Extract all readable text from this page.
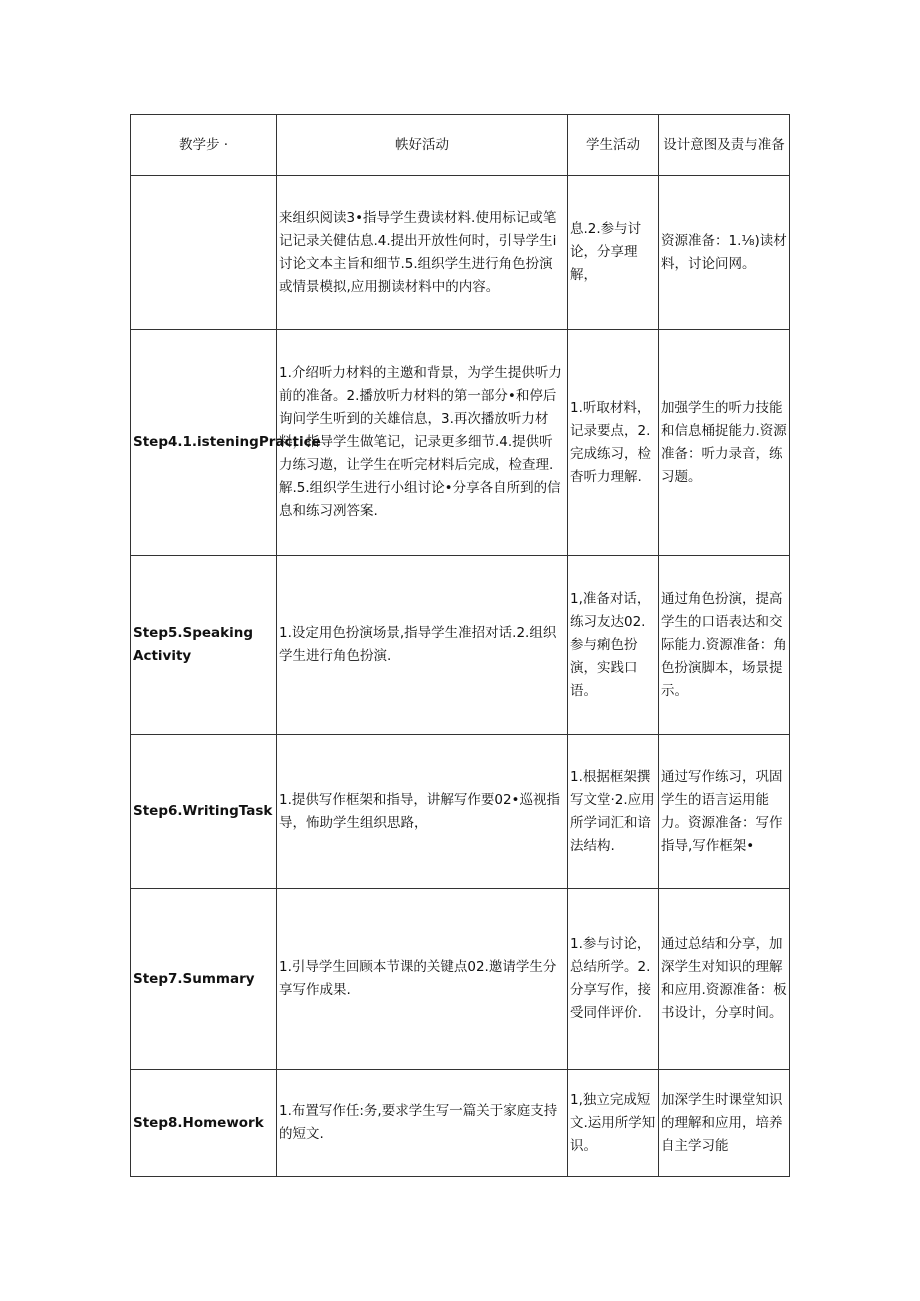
教学步 ·	帙好活动	学生活动	设计意图及责与准备
	来组织阅读3•指导学生费读材料.使用标记或笔记记录关健估息.4.提出开放性何时，引导学生i讨论文本主旨和细节.5.组织学生进行角色扮演或情景模拟,应用捌读材料中的内容。	息.2.参与讨论，分享理解，	资源准备：1.⅛)读材料，讨论问网。
Step4.1.isteningPractice	1.介绍听力材料的主邀和背景，为学生提供听力前的准备。2.播放听力材料的第一部分•和停后询问学生听到的关雄信息，3.再次播放听力材料，指导学生做笔记，记录更多细节.4.提供听力练习遨，让学生在听完材料后完成，检查理.解.5.组织学生进行小组讨论•分享各自所到的信息和练习冽答案.	1.听取材料，记录要点，2.完成练习，检杳听力理解.	加强学生的听力技能和信息桶捉能力.资源准备：听力录音，练习题。
Step5.Speaking Activity	1.设定用色扮演场景,指导学生准招对话.2.组织学生进行角色扮演.	1,准备对话，练习友达02.参与痢色扮演，实践口语。	通过角色扮演，提高学生的口语表达和交际能力.资源准备：角色扮演脚本，场景提示。
Step6.WritingTask	1.提供写作框架和指导，讲解写作要02•巡视指导，怖助学生组织思路，	1.根据框架撰写文堂·2.应用所学词汇和谙法结构.	通过写作练习，巩固学生的语言运用能力。资源准备：写作指导,写作框架•
Step7.Summary	1.引导学生回顾本节课的关键点02.邀请学生分享写作成果.	1.参与讨论，总结所学。2.分享写作，接受同伴评价.	通过总结和分享，加深学生对知识的理解和应用.资源准备：板书设计，分享时间。
Step8.Homework	1.布置写作任:务,要求学生写一篇关于家庭支持的短文.	1,独立完成短文.运用所学知识。	加深学生时课堂知识的理解和应用，培养自主学习能
